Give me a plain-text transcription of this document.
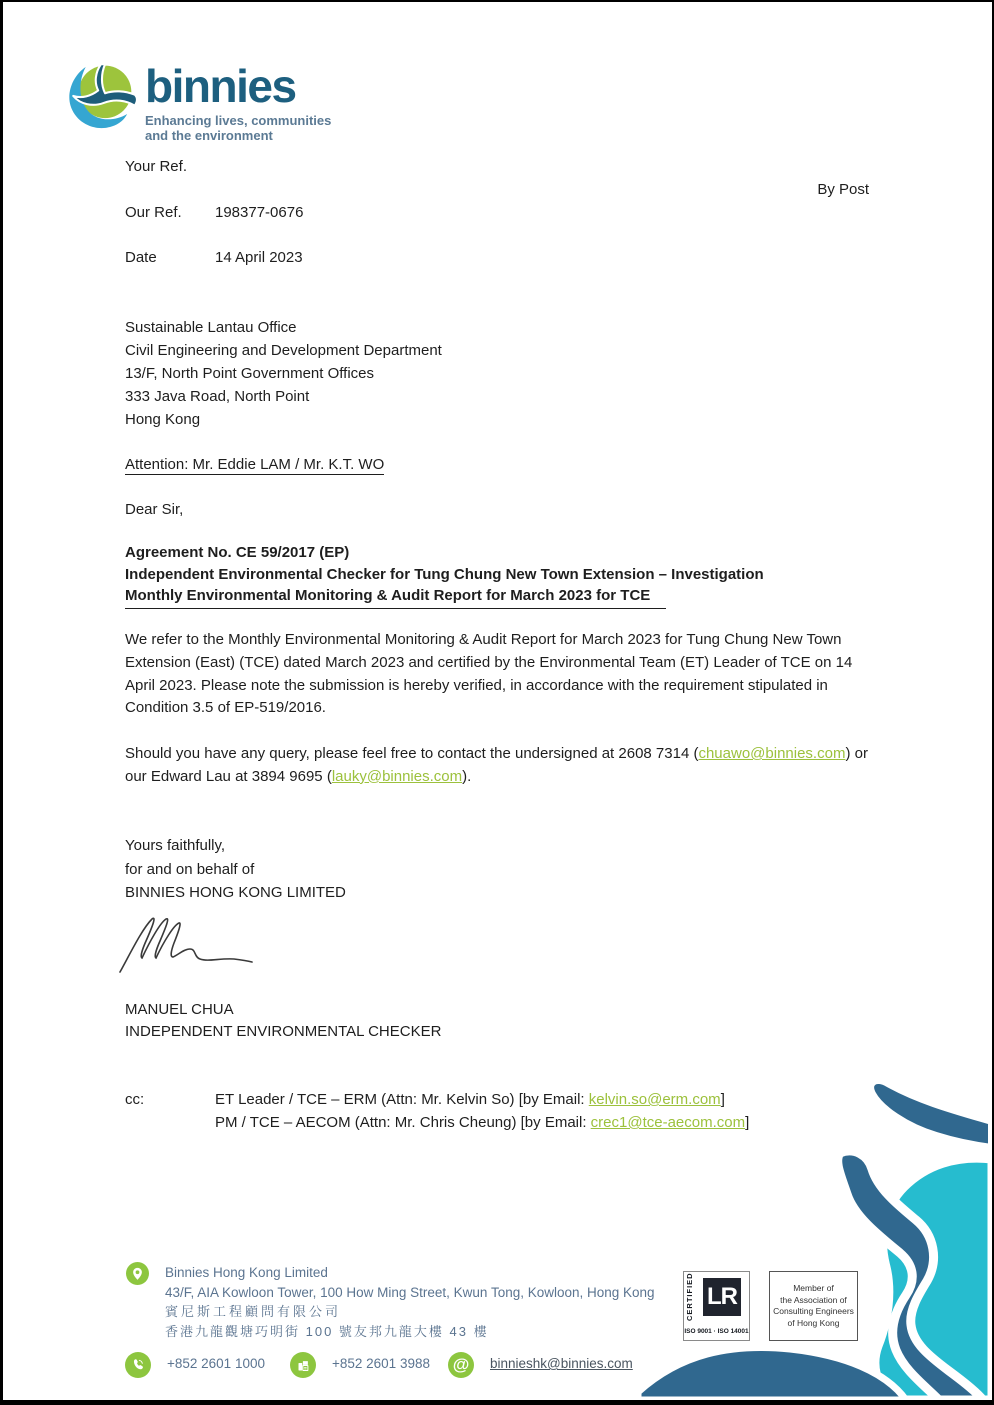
binnies
Enhancing lives, communities
and the environment
Your Ref.
By Post
Our Ref.	198377-0676
Date	14 April 2023
Sustainable Lantau Office
Civil Engineering and Development Department
13/F, North Point Government Offices
333 Java Road, North Point
Hong Kong
Attention: Mr. Eddie LAM / Mr. K.T. WO
Dear Sir,
Agreement No. CE 59/2017 (EP)
Independent Environmental Checker for Tung Chung New Town Extension – Investigation
Monthly Environmental Monitoring & Audit Report for March 2023 for TCE
We refer to the Monthly Environmental Monitoring & Audit Report for March 2023 for Tung Chung New Town Extension (East) (TCE) dated March 2023 and certified by the Environmental Team (ET) Leader of TCE on 14 April 2023. Please note the submission is hereby verified, in accordance with the requirement stipulated in Condition 3.5 of EP-519/2016.
Should you have any query, please feel free to contact the undersigned at 2608 7314 (chuawo@binnies.com) or our Edward Lau at 3894 9695 (lauky@binnies.com).
Yours faithfully,
for and on behalf of
BINNIES HONG KONG LIMITED
MANUEL CHUA
INDEPENDENT ENVIRONMENTAL CHECKER
cc:	ET Leader / TCE – ERM (Attn: Mr. Kelvin So) [by Email: kelvin.so@erm.com]
PM / TCE – AECOM (Attn: Mr. Chris Cheung) [by Email: crec1@tce-aecom.com]
Binnies Hong Kong Limited
43/F, AIA Kowloon Tower, 100 How Ming Street, Kwun Tong, Kowloon, Hong Kong
賓尼斯工程顧問有限公司
香港九龍觀塘巧明街 100 號友邦九龍大樓 43 樓
+852 2601 1000	+852 2601 3988 @	binnieshk@binnies.com
CERTIFIED LR
ISO 9001 · ISO 14001
Member of
the Association of
Consulting Engineers
of Hong Kong
